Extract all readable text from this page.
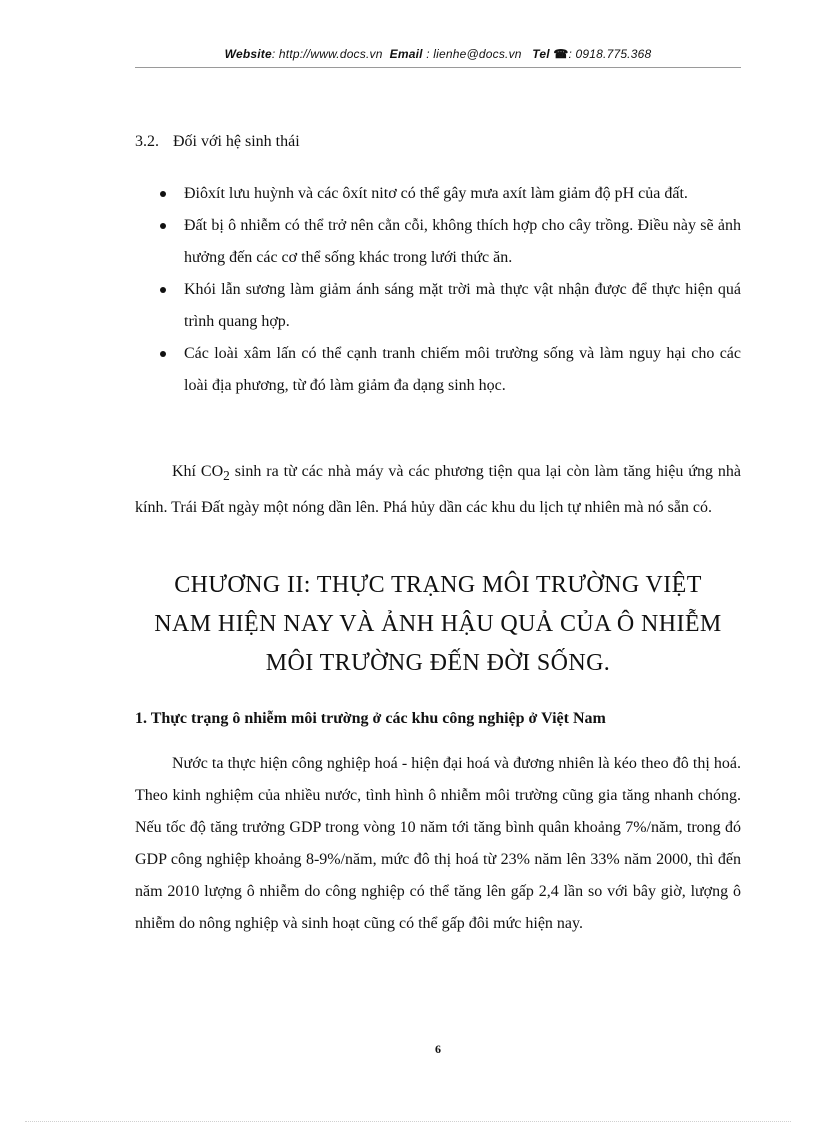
Website: http://www.docs.vn Email : lienhe@docs.vn Tel ☎: 0918.775.368
3.2. Đối với hệ sinh thái
Điôxít lưu huỳnh và các ôxít nitơ có thể gây mưa axít làm giảm độ pH của đất.
Đất bị ô nhiễm có thể trở nên cằn cỗi, không thích hợp cho cây trồng. Điều này sẽ ảnh hưởng đến các cơ thể sống khác trong lưới thức ăn.
Khói lẫn sương làm giảm ánh sáng mặt trời mà thực vật nhận được để thực hiện quá trình quang hợp.
Các loài xâm lấn có thể cạnh tranh chiếm môi trường sống và làm nguy hại cho các loài địa phương, từ đó làm giảm đa dạng sinh học.
Khí $CO_2$ sinh ra từ các nhà máy và các phương tiện qua lại còn làm tăng hiệu ứng nhà kính. Trái Đất ngày một nóng dần lên. Phá hủy dần các khu du lịch tự nhiên mà nó sẵn có.
CHƯƠNG II: THỰC TRẠNG MÔI TRƯỜNG VIỆT
NAM HIỆN NAY VÀ ẢNH HẬU QUẢ CỦA Ô NHIỄM
MÔI TRƯỜNG ĐẾN ĐỜI SỐNG.
1. Thực trạng ô nhiễm môi trường ở các khu công nghiệp ở Việt Nam
Nước ta thực hiện công nghiệp hoá - hiện đại hoá và đương nhiên là kéo theo đô thị hoá. Theo kinh nghiệm của nhiều nước, tình hình ô nhiễm môi trường cũng gia tăng nhanh chóng. Nếu tốc độ tăng trưởng GDP trong vòng 10 năm tới tăng bình quân khoảng 7%/năm, trong đó GDP công nghiệp khoảng 8-9%/năm, mức đô thị hoá từ 23% năm lên 33% năm 2000, thì đến năm 2010 lượng ô nhiễm do công nghiệp có thể tăng lên gấp 2,4 lần so với bây giờ, lượng ô nhiễm do nông nghiệp và sinh hoạt cũng có thể gấp đôi mức hiện nay.
6
